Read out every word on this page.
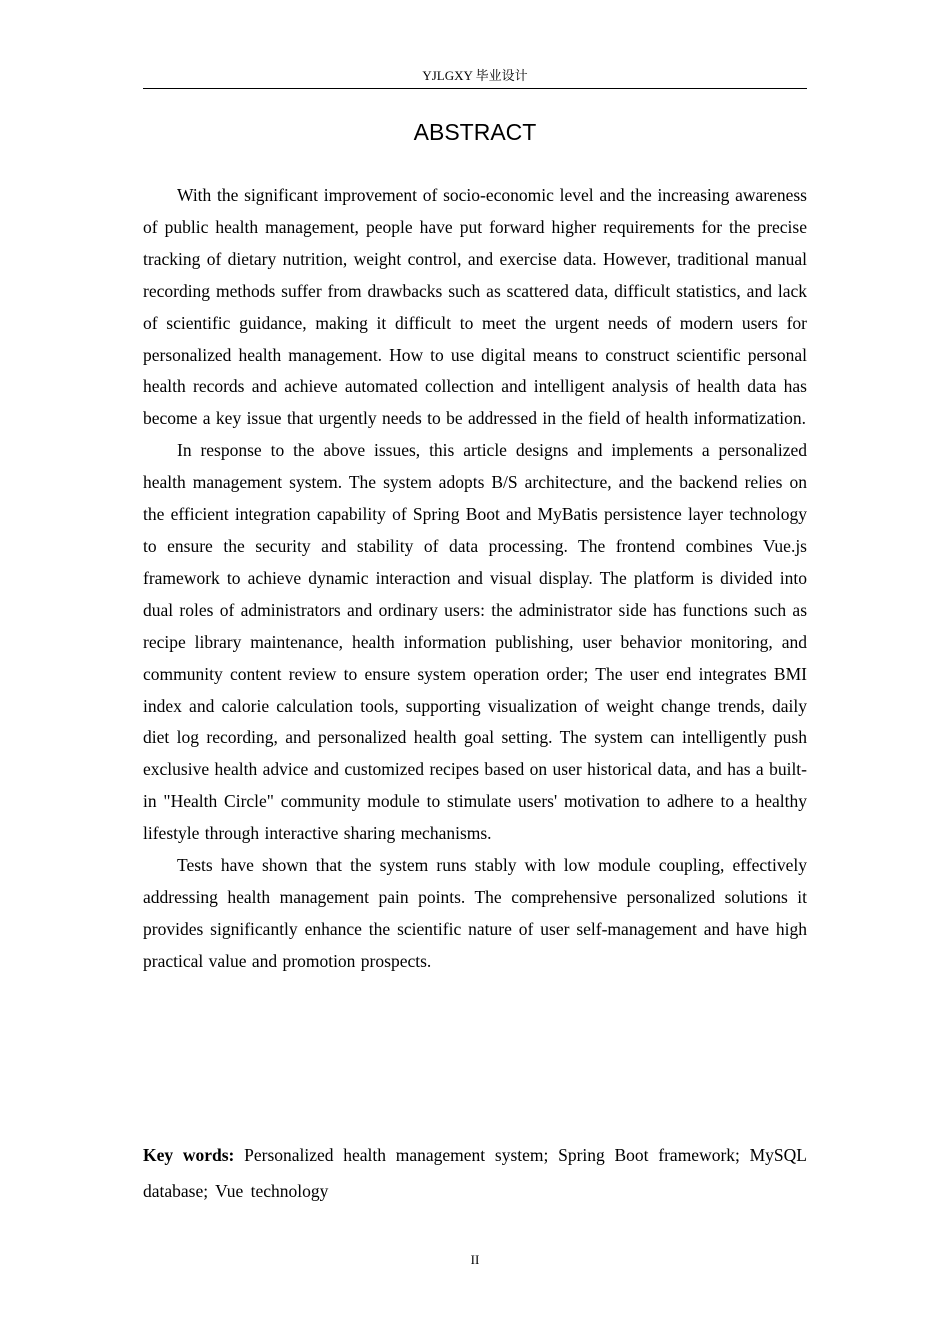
YJLGXY 毕业设计
ABSTRACT

With the significant improvement of socio-economic level and the increasing awareness of public health management, people have put forward higher requirements for the precise tracking of dietary nutrition, weight control, and exercise data. However, traditional manual recording methods suffer from drawbacks such as scattered data, difficult statistics, and lack of scientific guidance, making it difficult to meet the urgent needs of modern users for personalized health management. How to use digital means to construct scientific personal health records and achieve automated collection and intelligent analysis of health data has become a key issue that urgently needs to be addressed in the field of health informatization.

In response to the above issues, this article designs and implements a personalized health management system. The system adopts B/S architecture, and the backend relies on the efficient integration capability of Spring Boot and MyBatis persistence layer technology to ensure the security and stability of data processing. The frontend combines Vue.js framework to achieve dynamic interaction and visual display. The platform is divided into dual roles of administrators and ordinary users: the administrator side has functions such as recipe library maintenance, health information publishing, user behavior monitoring, and community content review to ensure system operation order; The user end integrates BMI index and calorie calculation tools, supporting visualization of weight change trends, daily diet log recording, and personalized health goal setting. The system can intelligently push exclusive health advice and customized recipes based on user historical data, and has a built-in "Health Circle" community module to stimulate users' motivation to adhere to a healthy lifestyle through interactive sharing mechanisms.

Tests have shown that the system runs stably with low module coupling, effectively addressing health management pain points. The comprehensive personalized solutions it provides significantly enhance the scientific nature of user self-management and have high practical value and promotion prospects.

Key words: Personalized health management system; Spring Boot framework; MySQL database; Vue technology

II
